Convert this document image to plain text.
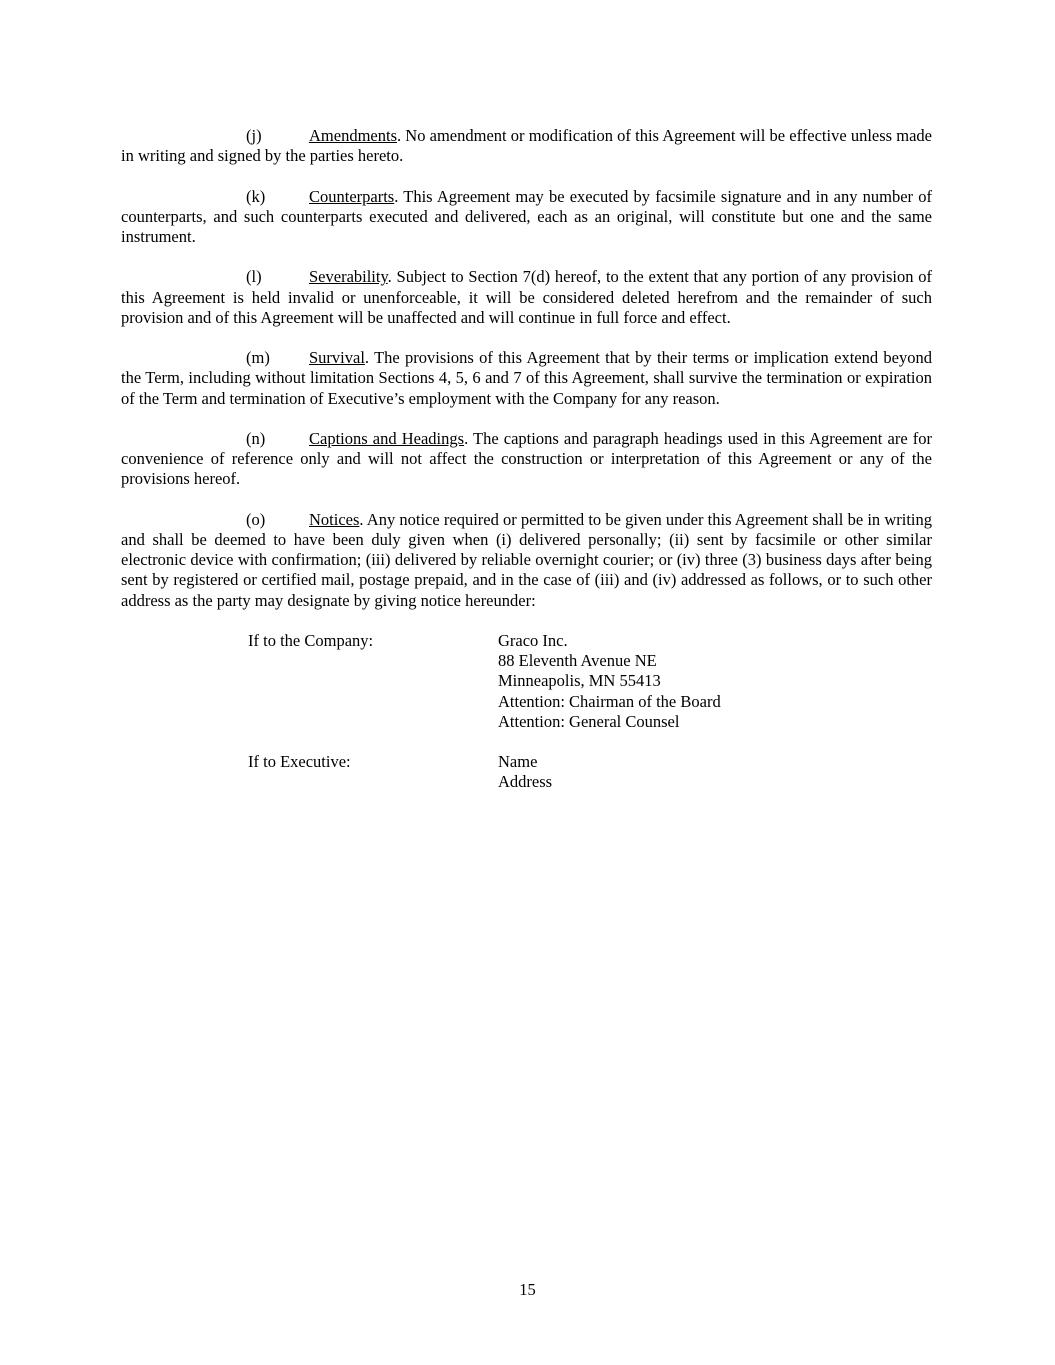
(j)	Amendments. No amendment or modification of this Agreement will be effective unless made in writing and signed by the parties hereto.

(k)	Counterparts. This Agreement may be executed by facsimile signature and in any number of counterparts, and such counterparts executed and delivered, each as an original, will constitute but one and the same instrument.

(l)	Severability. Subject to Section 7(d) hereof, to the extent that any portion of any provision of this Agreement is held invalid or unenforceable, it will be considered deleted herefrom and the remainder of such provision and of this Agreement will be unaffected and will continue in full force and effect.

(m) Survival. The provisions of this Agreement that by their terms or implication extend beyond the Term, including without limitation Sections 4, 5, 6 and 7 of this Agreement, shall survive the termination or expiration of the Term and termination of Executive’s employment with the Company for any reason.

(n)	Captions and Headings. The captions and paragraph headings used in this Agreement are for convenience of reference only and will not affect the construction or interpretation of this Agreement or any of the provisions hereof.

(o)	Notices. Any notice required or permitted to be given under this Agreement shall be in writing and shall be deemed to have been duly given when (i) delivered personally; (ii) sent by facsimile or other similar electronic device with confirmation; (iii) delivered by reliable overnight courier; or (iv) three (3) business days after being sent by registered or certified mail, postage prepaid, and in the case of (iii) and (iv) addressed as follows, or to such other address as the party may designate by giving notice hereunder:

If to the Company:	Graco Inc.
88 Eleventh Avenue NE
Minneapolis, MN 55413
Attention: Chairman of the Board
Attention: General Counsel
If to Executive:	Name
Address
15
